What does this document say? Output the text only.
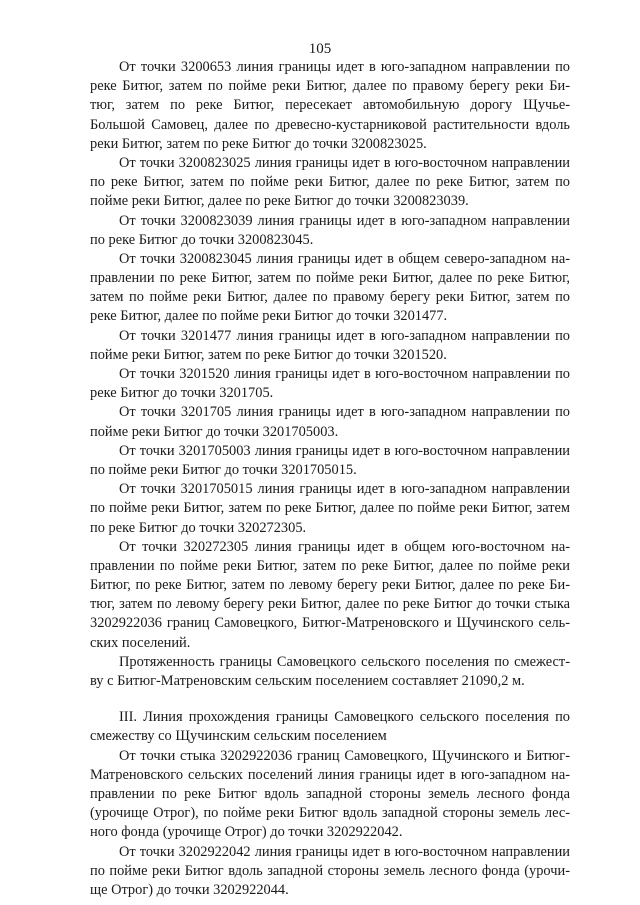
105
От точки 3200653 линия границы идет в юго-западном направлении по
реке Битюг, затем по пойме реки Битюг, далее по правому берегу реки Би-
тюг, затем по реке Битюг, пересекает автомобильную дорогу Щучье-
Большой Самовец, далее по древесно-кустарниковой растительности вдоль
реки Битюг, затем по реке Битюг до точки 3200823025.
От точки 3200823025 линия границы идет в юго-восточном направлении
по реке Битюг, затем по пойме реки Битюг, далее по реке Битюг, затем по
пойме реки Битюг, далее по реке Битюг до точки 3200823039.
От точки 3200823039 линия границы идет в юго-западном направлении
по реке Битюг до точки 3200823045.
От точки 3200823045 линия границы идет в общем северо-западном на-
правлении по реке Битюг, затем по пойме реки Битюг, далее по реке Битюг,
затем по пойме реки Битюг, далее по правому берегу реки Битюг, затем по
реке Битюг, далее по пойме реки Битюг до точки 3201477.
От точки 3201477 линия границы идет в юго-западном направлении по
пойме реки Битюг, затем по реке Битюг до точки 3201520.
От точки 3201520 линия границы идет в юго-восточном направлении по
реке Битюг до точки 3201705.
От точки 3201705 линия границы идет в юго-западном направлении по
пойме реки Битюг до точки 3201705003.
От точки 3201705003 линия границы идет в юго-восточном направлении
по пойме реки Битюг до точки 3201705015.
От точки 3201705015 линия границы идет в юго-западном направлении
по пойме реки Битюг, затем по реке Битюг, далее по пойме реки Битюг, затем
по реке Битюг до точки 320272305.
От точки 320272305 линия границы идет в общем юго-восточном на-
правлении по пойме реки Битюг, затем по реке Битюг, далее по пойме реки
Битюг, по реке Битюг, затем по левому берегу реки Битюг, далее по реке Би-
тюг, затем по левому берегу реки Битюг, далее по реке Битюг до точки стыка
3202922036 границ Самовецкого, Битюг-Матреновского и Щучинского сель-
ских поселений.
Протяженность границы Самовецкого сельского поселения по смежест-
ву с Битюг-Матреновским сельским поселением составляет 21090,2 м.
III. Линия прохождения границы Самовецкого сельского поселения по
смежеству со Щучинским сельским поселением
От точки стыка 3202922036 границ Самовецкого, Щучинского и Битюг-
Матреновского сельских поселений линия границы идет в юго-западном на-
правлении по реке Битюг вдоль западной стороны земель лесного фонда
(урочище Отрог), по пойме реки Битюг вдоль западной стороны земель лес-
ного фонда (урочище Отрог) до точки 3202922042.
От точки 3202922042 линия границы идет в юго-восточном направлении
по пойме реки Битюг вдоль западной стороны земель лесного фонда (урочи-
ще Отрог) до точки 3202922044.
